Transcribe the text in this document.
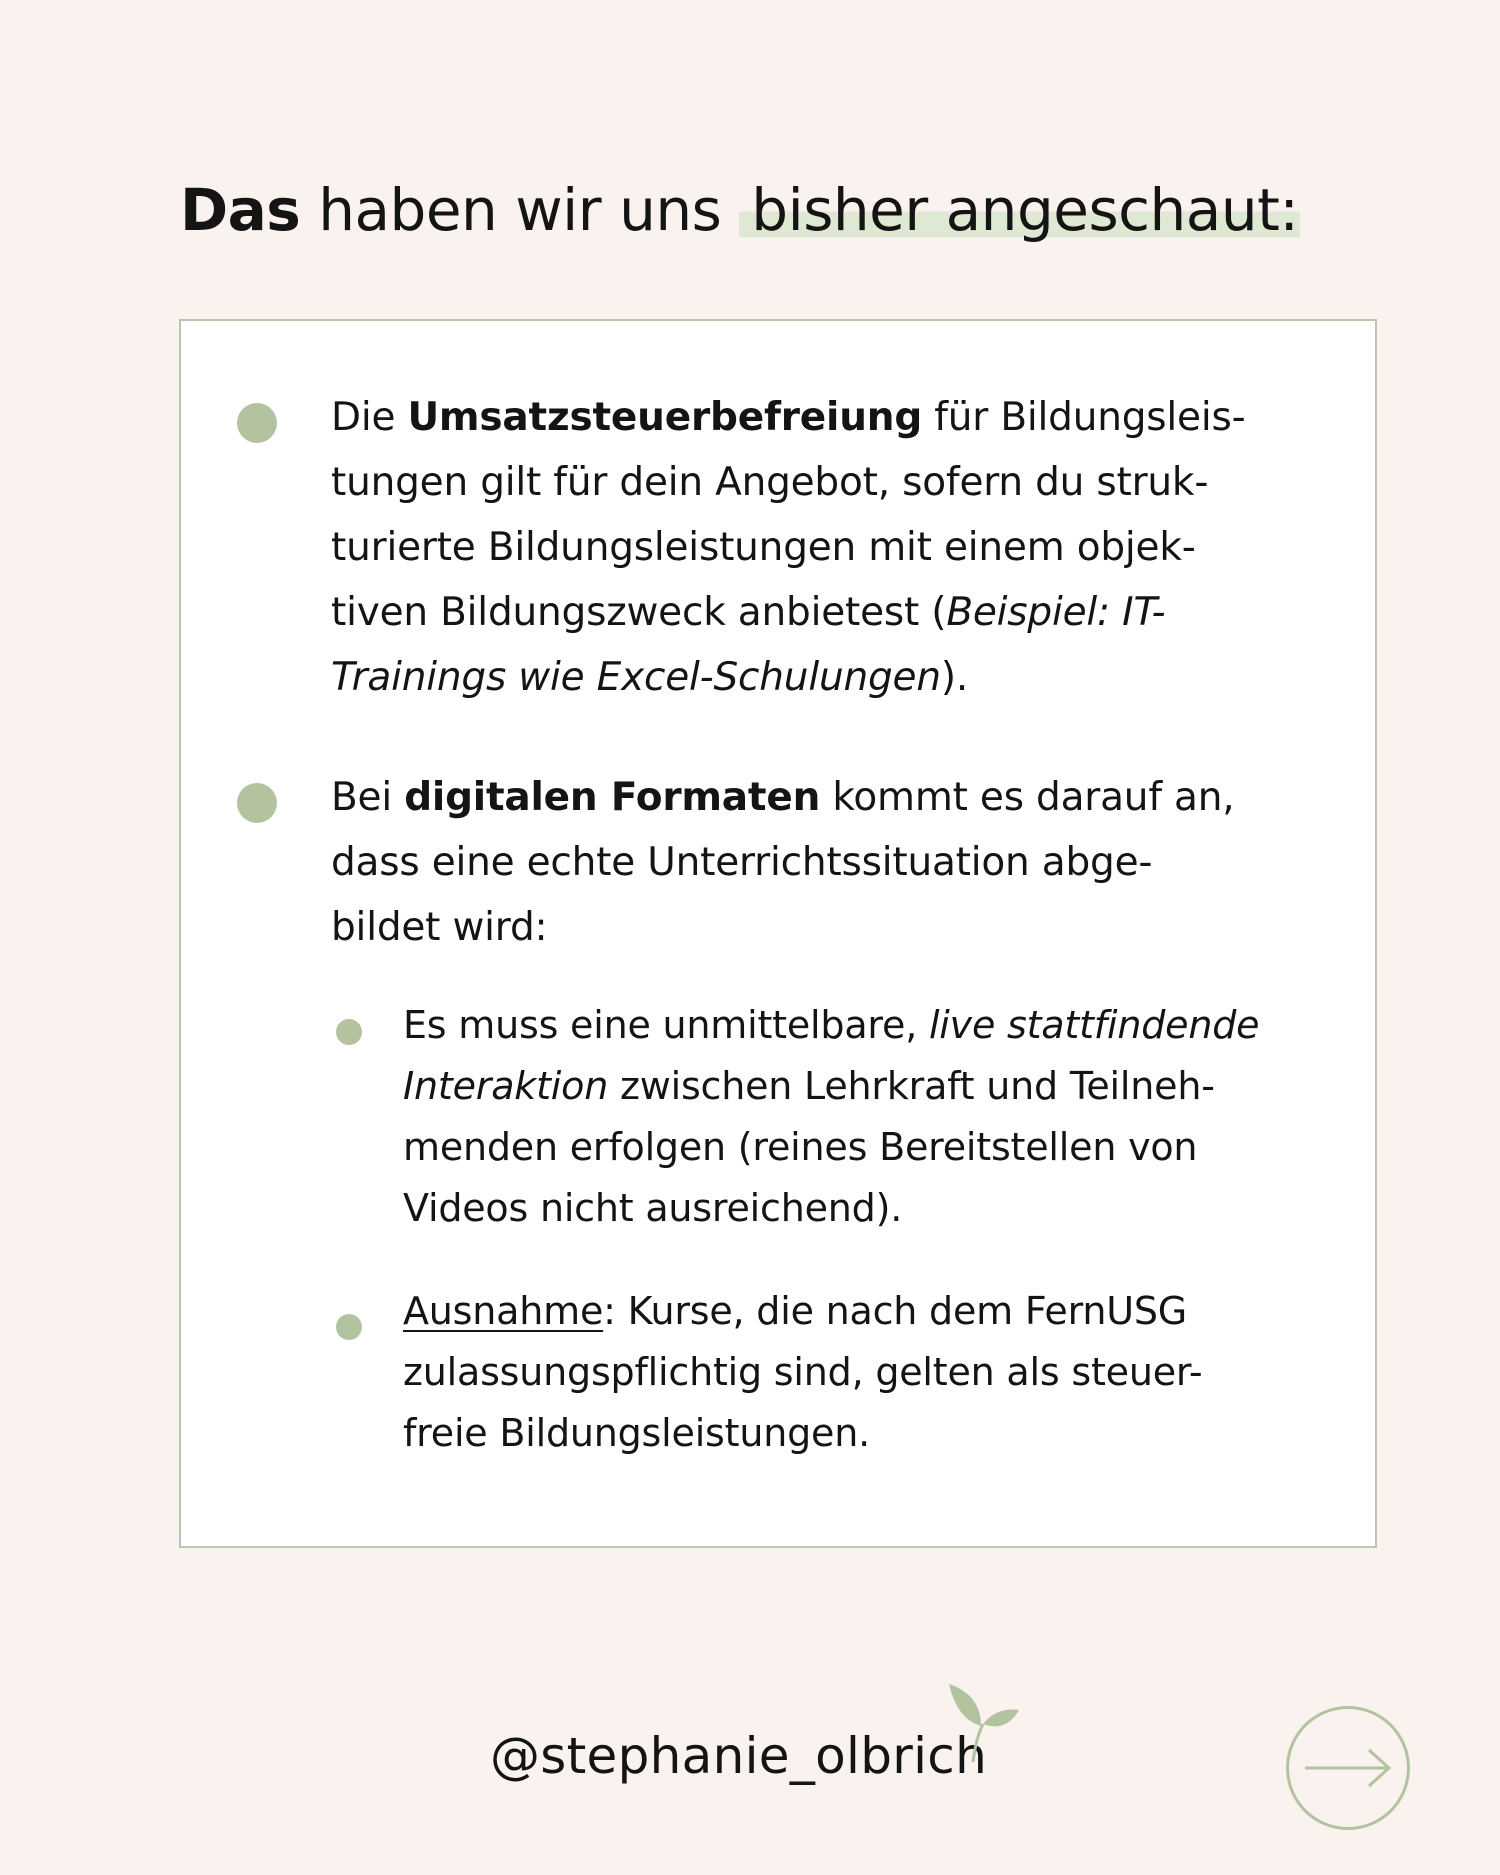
Das haben wir uns bisher angeschaut:
Die Umsatzsteuerbefreiung für Bildungsleis-
tungen gilt für dein Angebot, sofern du struk-
turierte Bildungsleistungen mit einem objek-
tiven Bildungszweck anbietest (Beispiel: IT-
Trainings wie Excel-Schulungen).
Bei digitalen Formaten kommt es darauf an,
dass eine echte Unterrichtssituation abge-
bildet wird:
Es muss eine unmittelbare, live stattfindende
Interaktion zwischen Lehrkraft und Teilneh-
menden erfolgen (reines Bereitstellen von
Videos nicht ausreichend).
Ausnahme: Kurse, die nach dem FernUSG
zulassungspflichtig sind, gelten als steuer-
freie Bildungsleistungen.
@stephanie_olbrich
